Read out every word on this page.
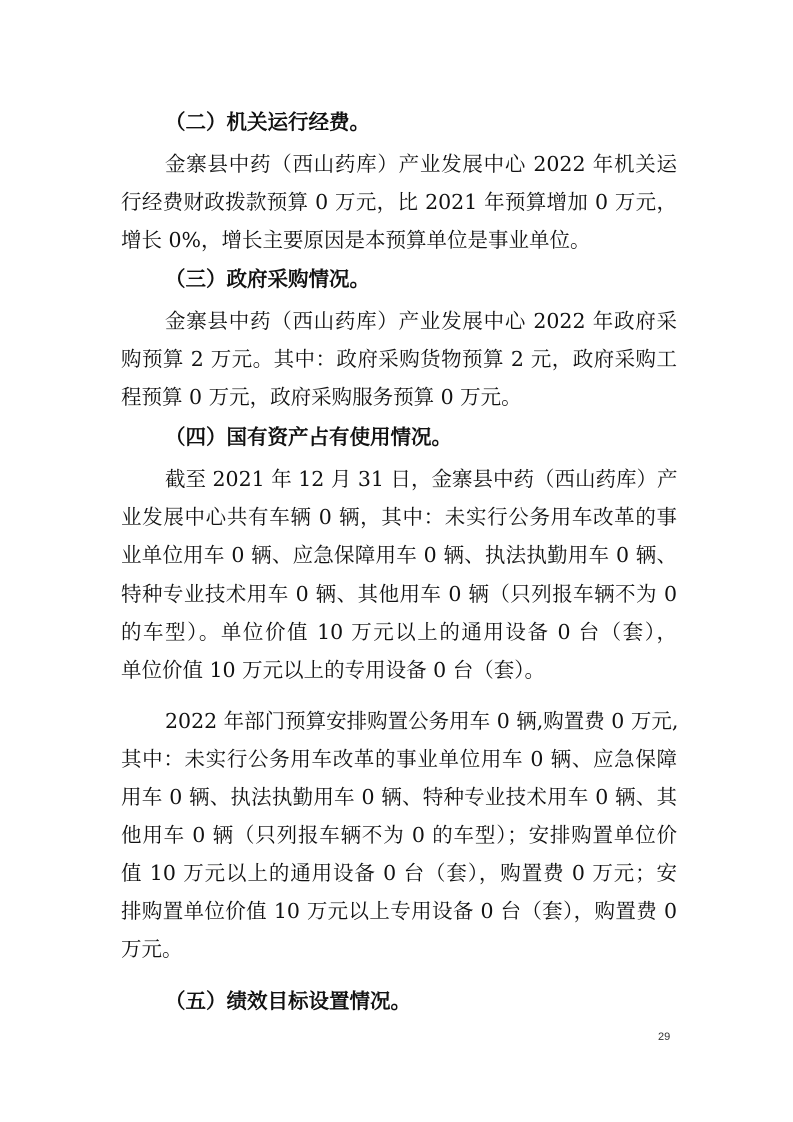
（二）机关运行经费。
金寨县中药（西山药库）产业发展中心 2022 年机关运
行经费财政拨款预算 0 万元，比 2021 年预算增加 0 万元，
增长 0%，增长主要原因是本预算单位是事业单位。
（三）政府采购情况。
金寨县中药（西山药库）产业发展中心 2022 年政府采
购预算 2 万元。其中：政府采购货物预算 2 元，政府采购工
程预算 0 万元，政府采购服务预算 0 万元。
（四）国有资产占有使用情况。
截至 2021 年 12 月 31 日，金寨县中药（西山药库）产
业发展中心共有车辆 0 辆，其中：未实行公务用车改革的事
业单位用车 0 辆、应急保障用车 0 辆、执法执勤用车 0 辆、
特种专业技术用车 0 辆、其他用车 0 辆（只列报车辆不为 0
的车型）。单位价值 10 万元以上的通用设备 0 台（套），
单位价值 10 万元以上的专用设备 0 台（套）。
2022 年部门预算安排购置公务用车 0 辆,购置费 0 万元,
其中：未实行公务用车改革的事业单位用车 0 辆、应急保障
用车 0 辆、执法执勤用车 0 辆、特种专业技术用车 0 辆、其
他用车 0 辆（只列报车辆不为 0 的车型）；安排购置单位价
值 10 万元以上的通用设备 0 台（套），购置费 0 万元；安
排购置单位价值 10 万元以上专用设备 0 台（套），购置费 0
万元。
（五）绩效目标设置情况。
29
